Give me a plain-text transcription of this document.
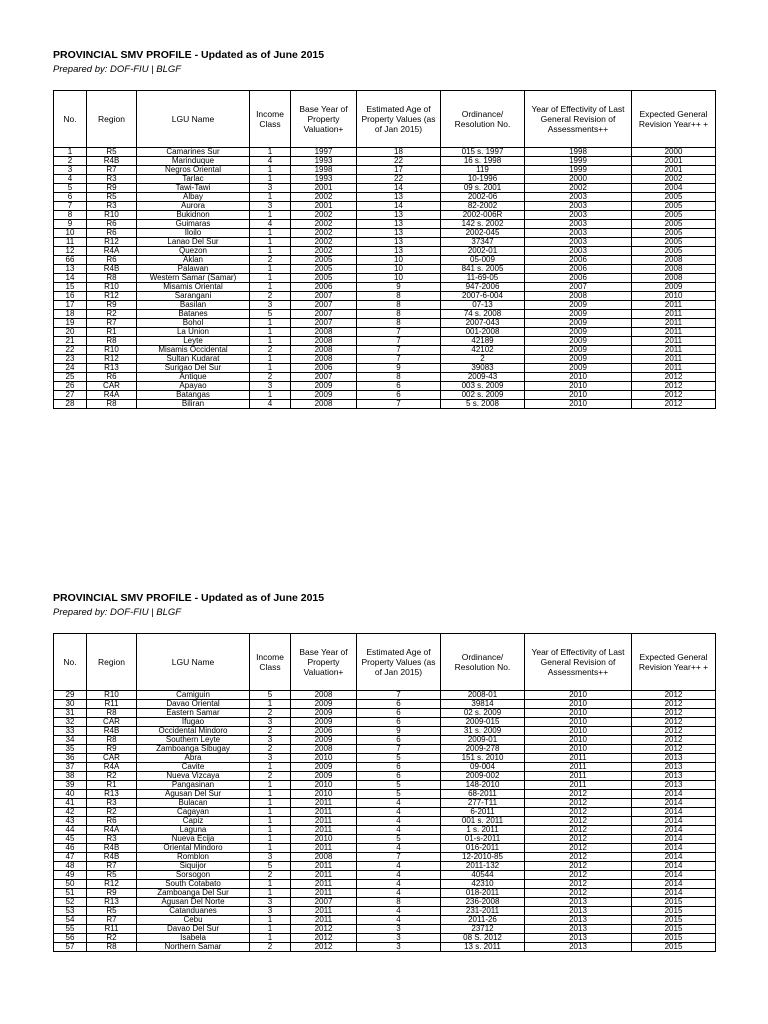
PROVINCIAL SMV PROFILE - Updated as of June 2015
Prepared by: DOF-FIU | BLGF
No.	Region	LGU Name	Income Class	Base Year of Property Valuation+	Estimated Age of Property Values (as of Jan 2015)	Ordinance/ Resolution No.	Year of Effectivity of Last General Revision of Assessments++	Expected General Revision Year++ +
1	R5	Camarines Sur	1	1997	18	015 s. 1997	1998	2000
2	R4B	Marinduque	4	1993	22	16 s. 1998	1999	2001
3	R7	Negros Oriental	1	1998	17	119	1999	2001
4	R3	Tarlac	1	1993	22	10-1996	2000	2002
5	R9	Tawi-Tawi	3	2001	14	09 s. 2001	2002	2004
6	R5	Albay	1	2002	13	2002-06	2003	2005
7	R3	Aurora	3	2001	14	82-2002	2003	2005
8	R10	Bukidnon	1	2002	13	2002-006R	2003	2005
9	R6	Guimaras	4	2002	13	142 s. 2002	2003	2005
10	R6	Iloilo	1	2002	13	2002-045	2003	2005
11	R12	Lanao Del Sur	1	2002	13	37347	2003	2005
12	R4A	Quezon	1	2002	13	2002-01	2003	2005
66	R6	Aklan	2	2005	10	05-009	2006	2008
13	R4B	Palawan	1	2005	10	841 s. 2005	2006	2008
14	R8	Western Samar (Samar)	1	2005	10	11-69-05	2006	2008
15	R10	Misamis Oriental	1	2006	9	947-2006	2007	2009
16	R12	Sarangani	2	2007	8	2007-6-004	2008	2010
17	R9	Basilan	3	2007	8	07-13	2009	2011
18	R2	Batanes	5	2007	8	74 s. 2008	2009	2011
19	R7	Bohol	1	2007	8	2007-043	2009	2011
20	R1	La Union	1	2008	7	001-2008	2009	2011
21	R8	Leyte	1	2008	7	42189	2009	2011
22	R10	Misamis Occidental	2	2008	7	42102	2009	2011
23	R12	Sultan Kudarat	1	2008	7	2	2009	2011
24	R13	Surigao Del Sur	1	2006	9	39083	2009	2011
25	R6	Antique	2	2007	8	2009-43	2010	2012
26	CAR	Apayao	3	2009	6	003 s. 2009	2010	2012
27	R4A	Batangas	1	2009	6	002 s. 2009	2010	2012
28	R8	Biliran	4	2008	7	5 s. 2008	2010	2012
PROVINCIAL SMV PROFILE - Updated as of June 2015
Prepared by: DOF-FIU | BLGF
No.	Region	LGU Name	Income Class	Base Year of Property Valuation+	Estimated Age of Property Values (as of Jan 2015)	Ordinance/ Resolution No.	Year of Effectivity of Last General Revision of Assessments++	Expected General Revision Year++ +
29	R10	Camiguin	5	2008	7	2008-01	2010	2012
30	R11	Davao Oriental	1	2009	6	39814	2010	2012
31	R8	Eastern Samar	2	2009	6	02 s. 2009	2010	2012
32	CAR	Ifugao	3	2009	6	2009-015	2010	2012
33	R4B	Occidental Mindoro	2	2006	9	31 s. 2009	2010	2012
34	R8	Southern Leyte	3	2009	6	2009-01	2010	2012
35	R9	Zamboanga Sibugay	2	2008	7	2009-278	2010	2012
36	CAR	Abra	3	2010	5	151 s. 2010	2011	2013
37	R4A	Cavite	1	2009	6	09-004	2011	2013
38	R2	Nueva Vizcaya	2	2009	6	2009-002	2011	2013
39	R1	Pangasinan	1	2010	5	148-2010	2011	2013
40	R13	Agusan Del Sur	1	2010	5	68-2011	2012	2014
41	R3	Bulacan	1	2011	4	277-T11	2012	2014
42	R2	Cagayan	1	2011	4	6-2011	2012	2014
43	R6	Capiz	1	2011	4	001 s. 2011	2012	2014
44	R4A	Laguna	1	2011	4	1 s. 2011	2012	2014
45	R3	Nueva Ecija	1	2010	5	01-s-2011	2012	2014
46	R4B	Oriental Mindoro	1	2011	4	016-2011	2012	2014
47	R4B	Romblon	3	2008	7	12-2010-85	2012	2014
48	R7	Siquijor	5	2011	4	2011-132	2012	2014
49	R5	Sorsogon	2	2011	4	40544	2012	2014
50	R12	South Cotabato	1	2011	4	42310	2012	2014
51	R9	Zamboanga Del Sur	1	2011	4	018-2011	2012	2014
52	R13	Agusan Del Norte	3	2007	8	236-2008	2013	2015
53	R5	Catanduanes	3	2011	4	231-2011	2013	2015
54	R7	Cebu	1	2011	4	2011-26	2013	2015
55	R11	Davao Del Sur	1	2012	3	23712	2013	2015
56	R2	Isabela	1	2012	3	08 S. 2012	2013	2015
57	R8	Northern Samar	2	2012	3	13 s. 2011	2013	2015
